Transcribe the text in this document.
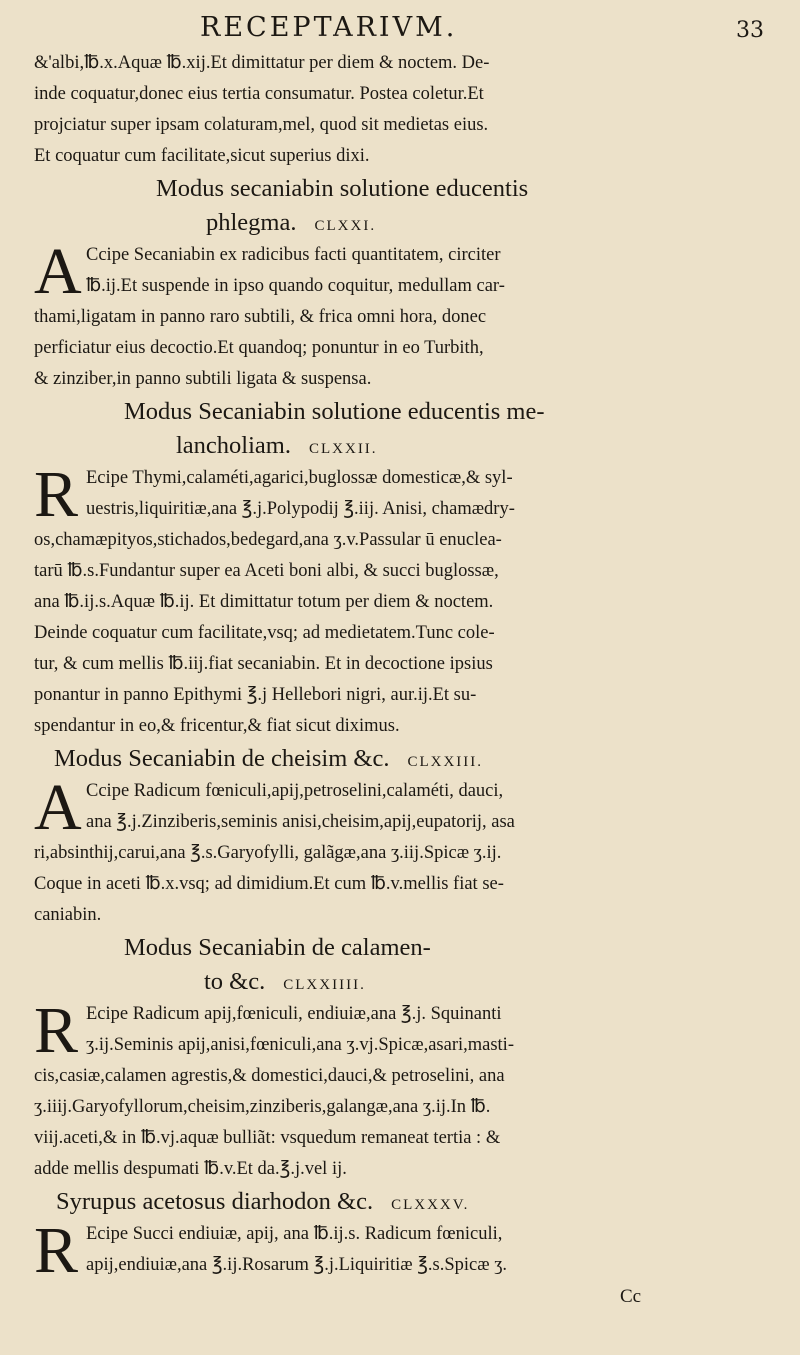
RECEPTARIVM.	33
&'albi,℔.x.Aquæ ℔.xij.Et dimittatur per diem & noctem. De-
inde coquatur,donec eius tertia consumatur. Postea coletur.Et
projciatur super ipsam colaturam,mel, quod sit medietas eius.
Et coquatur cum facilitate,sicut superius dixi.
Modus secaniabin solutione educentis
phlegma. CLXXI.
A Ccipe Secaniabin ex radicibus facti quantitatem, circiter
℔.ij.Et suspende in ipso quando coquitur, medullam car-
thami,ligatam in panno raro subtili, & frica omni hora, donec
perficiatur eius decoctio.Et quandoq; ponuntur in eo Turbith,
& zinziber,in panno subtili ligata & suspensa.
Modus Secaniabin solutione educentis me-
lancholiam. CLXXII.
R Ecipe Thymi,calaméti,agarici,buglossæ domesticæ,& syl-
uestris,liquiritiæ,ana ℥.j.Polypodij ℥.iij. Anisi, chamædry-
os,chamæpityos,stichados,bedegard,ana ʒ.v.Passular ū enuclea-
tarū ℔.s.Fundantur super ea Aceti boni albi, & succi buglossæ,
ana ℔.ij.s.Aquæ ℔.ij. Et dimittatur totum per diem & noctem.
Deinde coquatur cum facilitate,vsq; ad medietatem.Tunc cole-
tur, & cum mellis ℔.iij.fiat secaniabin. Et in decoctione ipsius
ponantur in panno Epithymi ℥.j Hellebori nigri, aur.ij.Et su-
spendantur in eo,& fricentur,& fiat sicut diximus.
Modus Secaniabin de cheisim &c. CLXXIII.
A Ccipe Radicum fœniculi,apij,petroselini,calaméti, dauci,
ana ℥.j.Zinziberis,seminis anisi,cheisim,apij,eupatorij, asa
ri,absinthij,carui,ana ℥.s.Garyofylli, galãgæ,ana ʒ.iij.Spicæ ʒ.ij.
Coque in aceti ℔.x.vsq; ad dimidium.Et cum ℔.v.mellis fiat se-
caniabin.
Modus Secaniabin de calamen-
to &c. CLXXIIII.
R Ecipe Radicum apij,fœniculi, endiuiæ,ana ℥.j. Squinanti
ʒ.ij.Seminis apij,anisi,fœniculi,ana ʒ.vj.Spicæ,asari,masti-
cis,casiæ,calamen agrestis,& domestici,dauci,& petroselini, ana
ʒ.iiij.Garyofyllorum,cheisim,zinziberis,galangæ,ana ʒ.ij.In ℔.
viij.aceti,& in ℔.vj.aquæ bulliãt: vsquedum remaneat tertia : &
adde mellis despumati ℔.v.Et da.℥.j.vel ij.
Syrupus acetosus diarhodon &c. CLXXXV.
R Ecipe Succi endiuiæ, apij, ana ℔.ij.s. Radicum fœniculi,
apij,endiuiæ,ana ℥.ij.Rosarum ℥.j.Liquiritiæ ℥.s.Spicæ ʒ.
Cc
